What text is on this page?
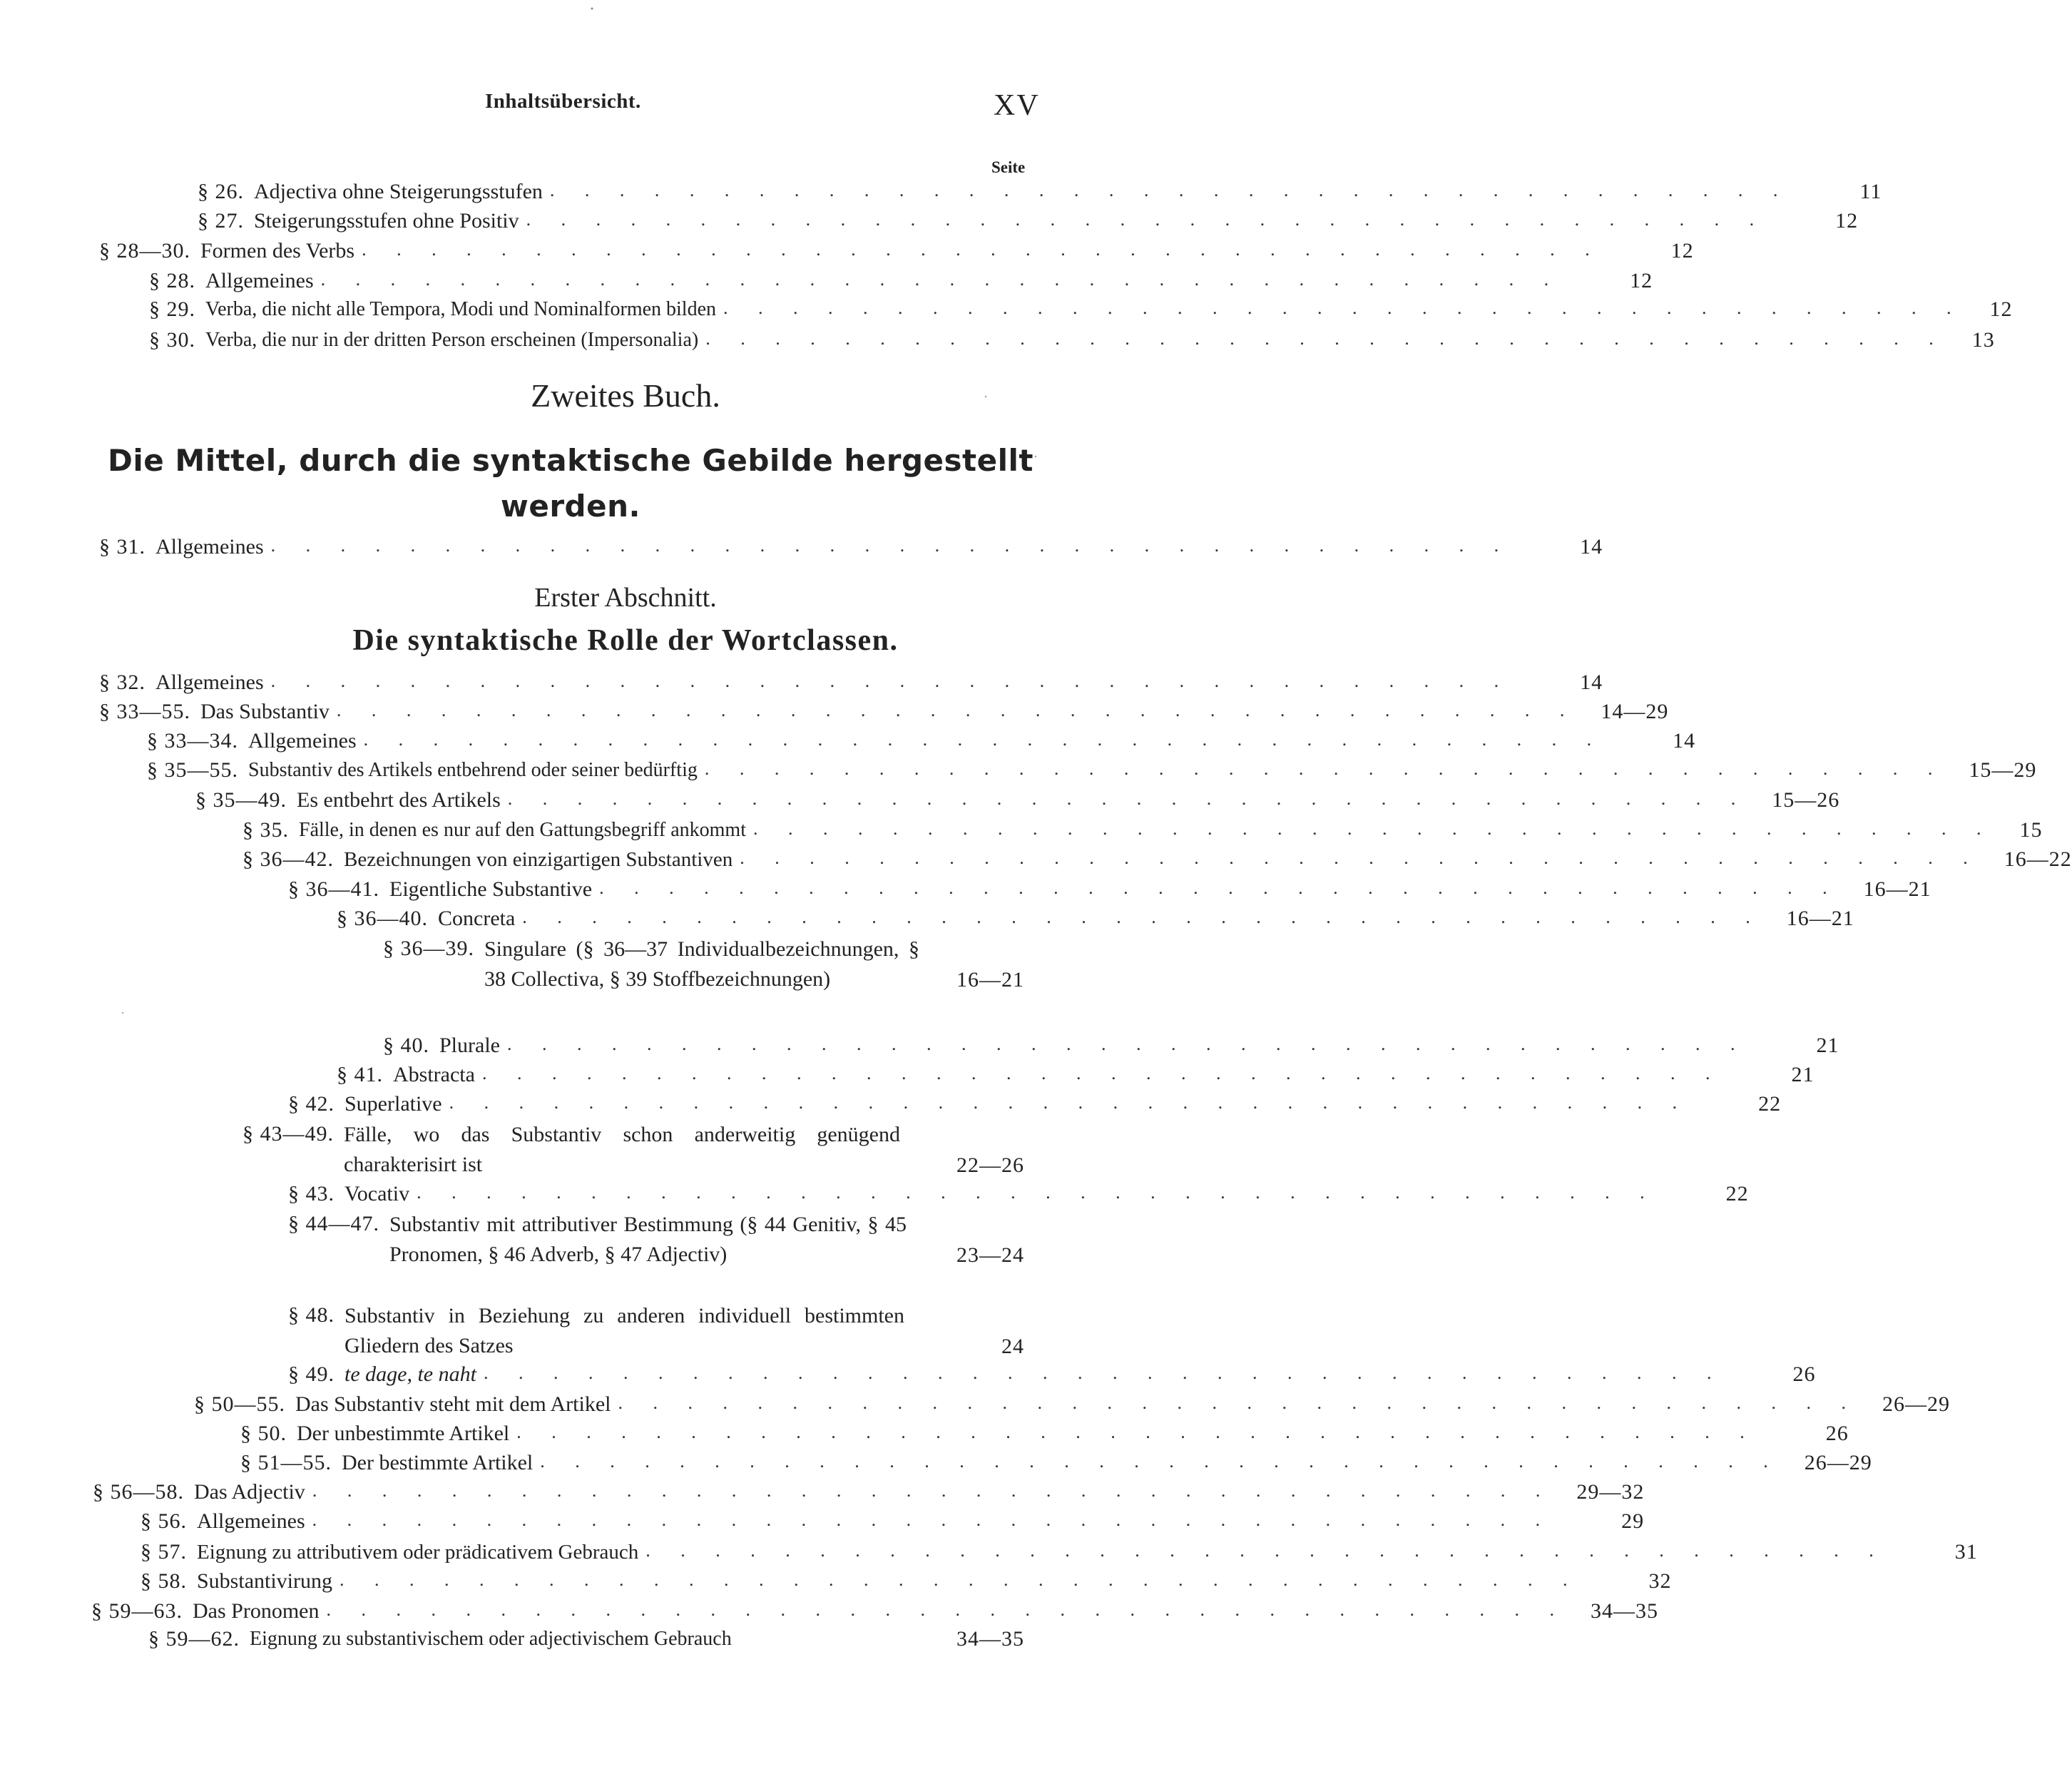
Inhaltsübersicht.	XV
Seite
§ 26. Adjectiva ohne Steigerungsstufen . . . . . . . . . . . . . . . . . . . . . . . . . . . . . . . . . . . .	11
§ 27. Steigerungsstufen ohne Positiv . . . . . . . . . . . . . . . . . . . . . . . . . . . . . . . . . . . .	12
§ 28—30. Formen des Verbs . . . . . . . . . . . . . . . . . . . . . . . . . . . . . . . . . . . .	12
§ 28. Allgemeines . . . . . . . . . . . . . . . . . . . . . . . . . . . . . . . . . . . .	12
§ 29. Verba, die nicht alle Tempora, Modi und Nominalformen bilden . . . . . . . . . . . . . . . . . . . . . . . . . . . . . . . . . . . .	12
§ 30. Verba, die nur in der dritten Person erscheinen (Impersonalia) . . . . . . . . . . . . . . . . . . . . . . . . . . . . . . . . . . . .	13
Zweites Buch.
Die Mittel, durch die syntaktische Gebilde hergestellt werden.
§ 31. Allgemeines . . . . . . . . . . . . . . . . . . . . . . . . . . . . . . . . . . . .	14
Erster Abschnitt.
Die syntaktische Rolle der Wortclassen.
§ 32. Allgemeines . . . . . . . . . . . . . . . . . . . . . . . . . . . . . . . . . . . .	14
§ 33—55. Das Substantiv . . . . . . . . . . . . . . . . . . . . . . . . . . . . . . . . . . . .	14—29
§ 33—34. Allgemeines . . . . . . . . . . . . . . . . . . . . . . . . . . . . . . . . . . . .	14
§ 35—55. Substantiv des Artikels entbehrend oder seiner bedürftig . . . . . . . . . . . . . . . . . . . . . . . . . . . . . . . . . . . .	15—29
§ 35—49. Es entbehrt des Artikels . . . . . . . . . . . . . . . . . . . . . . . . . . . . . . . . . . . .	15—26
§ 35. Fälle, in denen es nur auf den Gattungsbegriff ankommt . . . . . . . . . . . . . . . . . . . . . . . . . . . . . . . . . . . .	15
§ 36—42. Bezeichnungen von einzigartigen Substantiven . . . . . . . . . . . . . . . . . . . . . . . . . . . . . . . . . . . .	16—22
§ 36—41. Eigentliche Substantive . . . . . . . . . . . . . . . . . . . . . . . . . . . . . . . . . . . .	16—21
§ 36—40. Concreta . . . . . . . . . . . . . . . . . . . . . . . . . . . . . . . . . . . .	16—21
§ 36—39. Singulare (§ 36—37 Individualbezeichnungen, § 38 Collectiva, § 39 Stoffbezeichnungen)	16—21
§ 40. Plurale . . . . . . . . . . . . . . . . . . . . . . . . . . . . . . . . . . . .	21
§ 41. Abstracta . . . . . . . . . . . . . . . . . . . . . . . . . . . . . . . . . . . .	21
§ 42. Superlative . . . . . . . . . . . . . . . . . . . . . . . . . . . . . . . . . . . .	22
§ 43—49. Fälle, wo das Substantiv schon anderweitig genügend charakterisirt ist	22—26
§ 43. Vocativ . . . . . . . . . . . . . . . . . . . . . . . . . . . . . . . . . . . .	22
§ 44—47. Substantiv mit attributiver Bestimmung (§ 44 Genitiv, § 45 Pronomen, § 46 Adverb, § 47 Adjectiv)	23—24
§ 48. Substantiv in Beziehung zu anderen individuell bestimmten Gliedern des Satzes	24
§ 49. te dage, te naht . . . . . . . . . . . . . . . . . . . . . . . . . . . . . . . . . . . .	26
§ 50—55. Das Substantiv steht mit dem Artikel . . . . . . . . . . . . . . . . . . . . . . . . . . . . . . . . . . . .	26—29
§ 50. Der unbestimmte Artikel . . . . . . . . . . . . . . . . . . . . . . . . . . . . . . . . . . . .	26
§ 51—55. Der bestimmte Artikel . . . . . . . . . . . . . . . . . . . . . . . . . . . . . . . . . . . .	26—29
§ 56—58. Das Adjectiv . . . . . . . . . . . . . . . . . . . . . . . . . . . . . . . . . . . .	29—32
§ 56. Allgemeines . . . . . . . . . . . . . . . . . . . . . . . . . . . . . . . . . . . .	29
§ 57. Eignung zu attributivem oder prädicativem Gebrauch . . . . . . . . . . . . . . . . . . . . . . . . . . . . . . . . . . . .	31
§ 58. Substantivirung . . . . . . . . . . . . . . . . . . . . . . . . . . . . . . . . . . . .	32
§ 59—63. Das Pronomen . . . . . . . . . . . . . . . . . . . . . . . . . . . . . . . . . . . .	34—35
§ 59—62. Eignung zu substantivischem oder adjectivischem Gebrauch	34—35
